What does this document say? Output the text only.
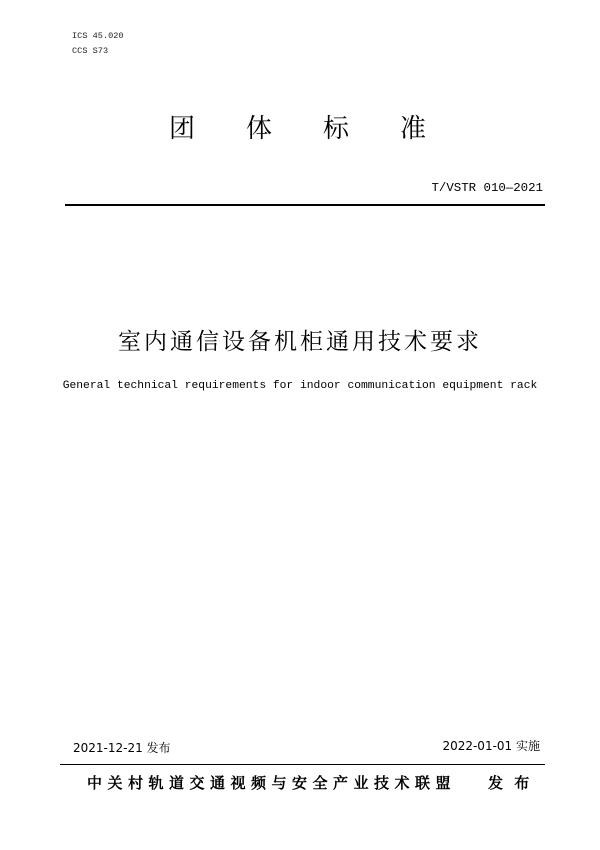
ICS 45.020
CCS S73
团体标准
T/VSTR 010—2021
室内通信设备机柜通用技术要求
General technical requirements for indoor communication equipment rack
2021-12-21 发布	2022-01-01 实施
中关村轨道交通视频与安全产业技术联盟 发 布
